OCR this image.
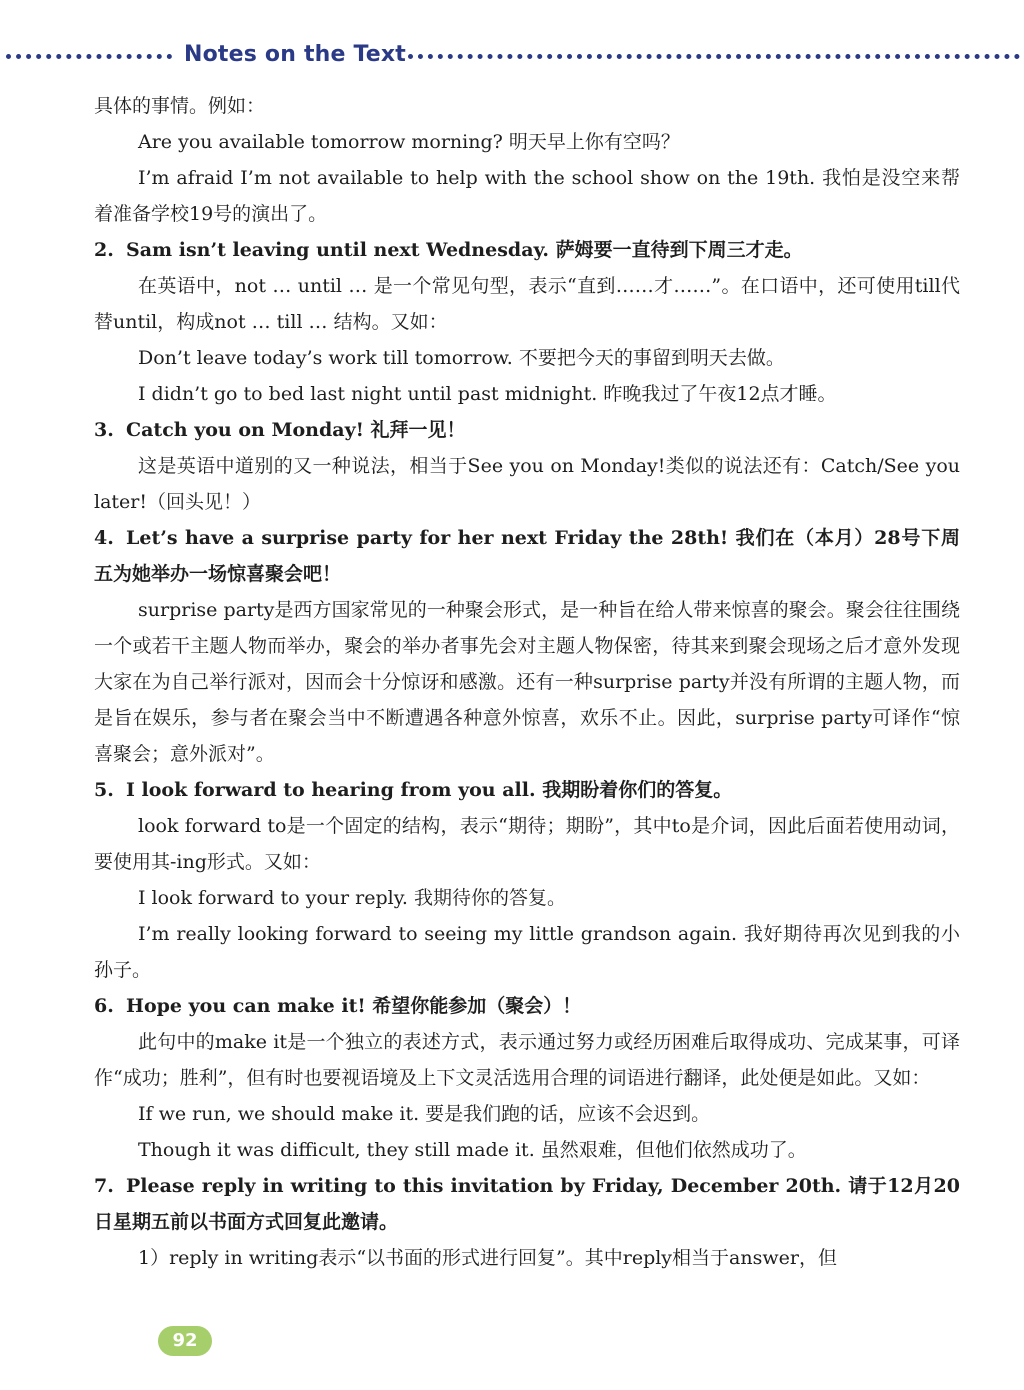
Notes on the Text

具体的事情。例如：

Are you available tomorrow morning? 明天早上你有空吗？

I’m afraid I’m not available to help with the school show on the 19th. 我怕是没空来帮着准备学校19号的演出了。

2. Sam isn’t leaving until next Wednesday. 萨姆要一直待到下周三才走。

在英语中，not … until … 是一个常见句型，表示“直到……才……”。在口语中，还可使用till代替until，构成not … till … 结构。又如：

Don’t leave today’s work till tomorrow. 不要把今天的事留到明天去做。

I didn’t go to bed last night until past midnight. 昨晚我过了午夜12点才睡。

3. Catch you on Monday! 礼拜一见！

这是英语中道别的又一种说法，相当于See you on Monday!类似的说法还有：Catch/See you later!（回头见！）

4. Let’s have a surprise party for her next Friday the 28th! 我们在（本月）28号下周五为她举办一场惊喜聚会吧！

surprise party是西方国家常见的一种聚会形式，是一种旨在给人带来惊喜的聚会。聚会往往围绕一个或若干主题人物而举办，聚会的举办者事先会对主题人物保密，待其来到聚会现场之后才意外发现大家在为自己举行派对，因而会十分惊讶和感激。还有一种surprise party并没有所谓的主题人物，而是旨在娱乐，参与者在聚会当中不断遭遇各种意外惊喜，欢乐不止。因此，surprise party可译作“惊喜聚会；意外派对”。

5. I look forward to hearing from you all. 我期盼着你们的答复。

look forward to是一个固定的结构，表示“期待；期盼”，其中to是介词，因此后面若使用动词，要使用其-ing形式。又如：

I look forward to your reply. 我期待你的答复。

I’m really looking forward to seeing my little grandson again. 我好期待再次见到我的小孙子。

6. Hope you can make it! 希望你能参加（聚会）！

此句中的make it是一个独立的表述方式，表示通过努力或经历困难后取得成功、完成某事，可译作“成功；胜利”，但有时也要视语境及上下文灵活选用合理的词语进行翻译，此处便是如此。又如：

If we run, we should make it. 要是我们跑的话，应该不会迟到。

Though it was difficult, they still made it. 虽然艰难，但他们依然成功了。

7. Please reply in writing to this invitation by Friday, December 20th. 请于12月20日星期五前以书面方式回复此邀请。

1）reply in writing表示“以书面的形式进行回复”。其中reply相当于answer，但

92
